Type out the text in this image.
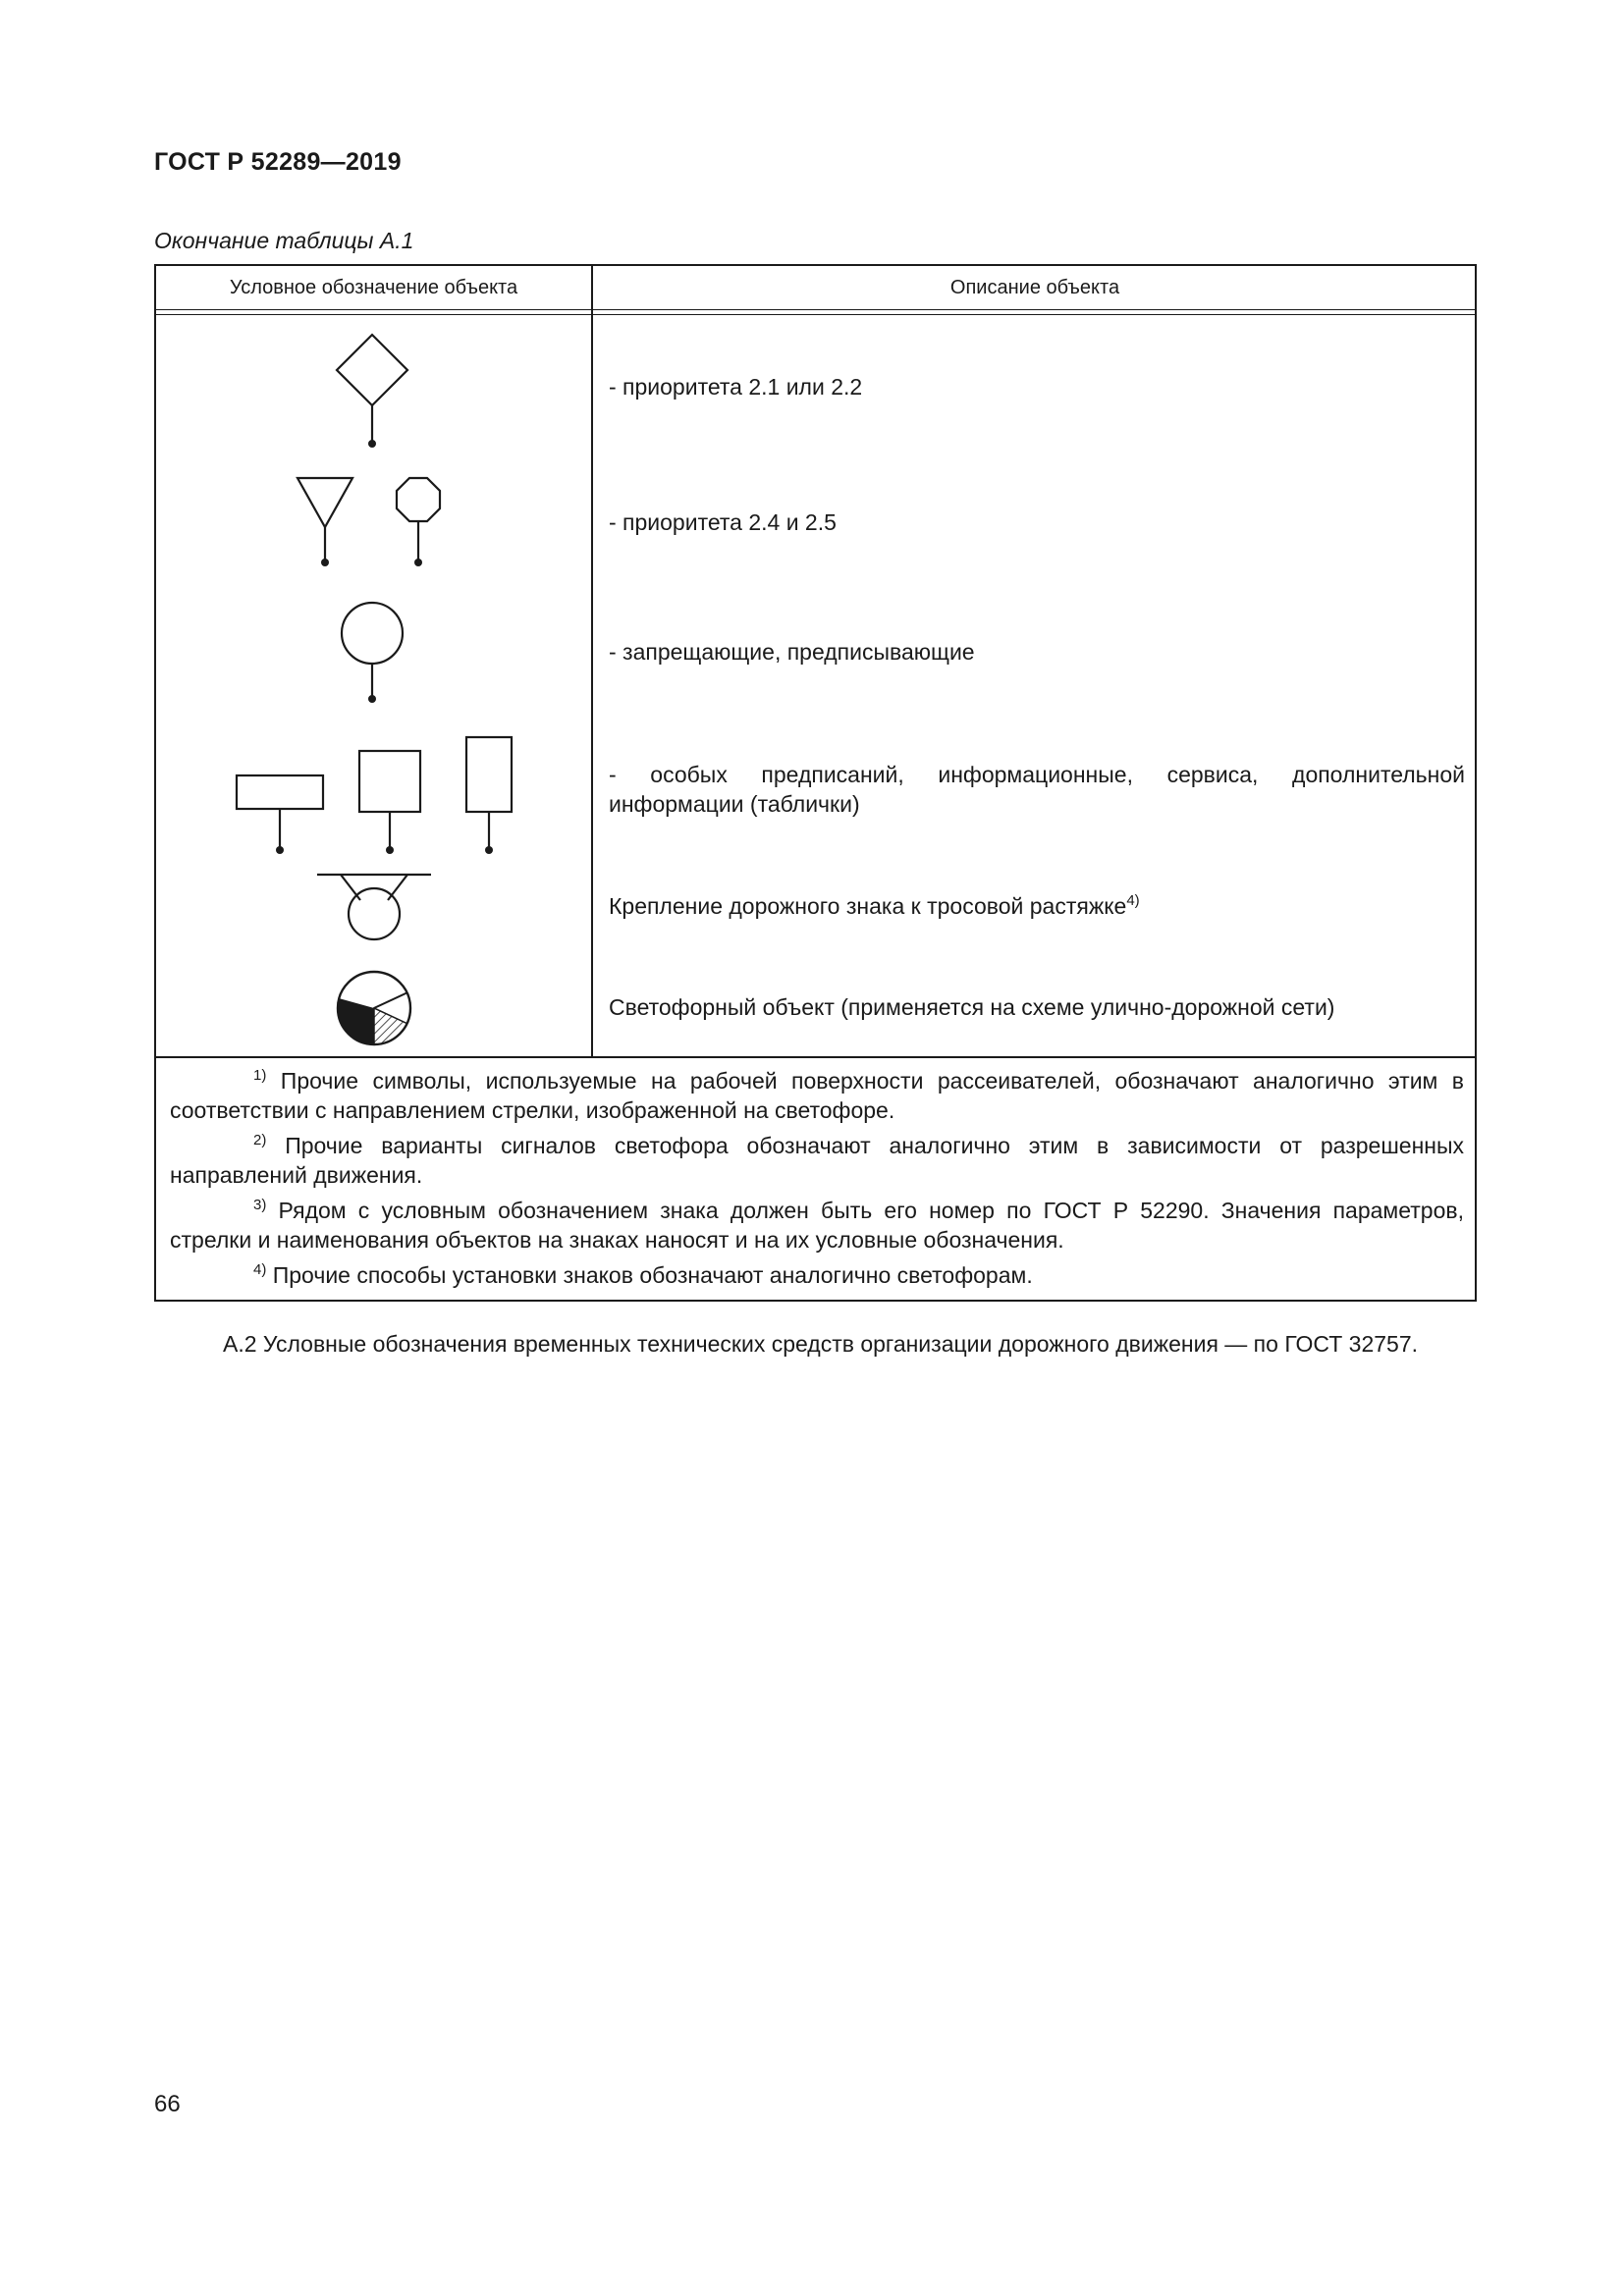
ГОСТ Р 52289—2019
Окончание таблицы А.1
Условное обозначение объекта	Описание объекта
- приоритета 2.1 или 2.2
- приоритета 2.4 и 2.5
- запрещающие, предписывающие
- особых предписаний, информационные, сервиса, дополнительной информации (таблички)
Крепление дорожного знака к тросовой растяжке$^{4)}$
Светофорный объект (применяется на схеме улично-дорожной сети)
$^{1)}$ Прочие символы, используемые на рабочей поверхности рассеивателей, обозначают аналогично этим в соответствии с направлением стрелки, изображенной на светофоре.
$^{2)}$ Прочие варианты сигналов светофора обозначают аналогично этим в зависимости от разрешенных направлений движения.
$^{3)}$ Рядом с условным обозначением знака должен быть его номер по ГОСТ Р 52290. Значения параметров, стрелки и наименования объектов на знаках наносят и на их условные обозначения.
$^{4)}$ Прочие способы установки знаков обозначают аналогично светофорам.
А.2 Условные обозначения временных технических средств организации дорожного движения — по ГОСТ 32757.
66
